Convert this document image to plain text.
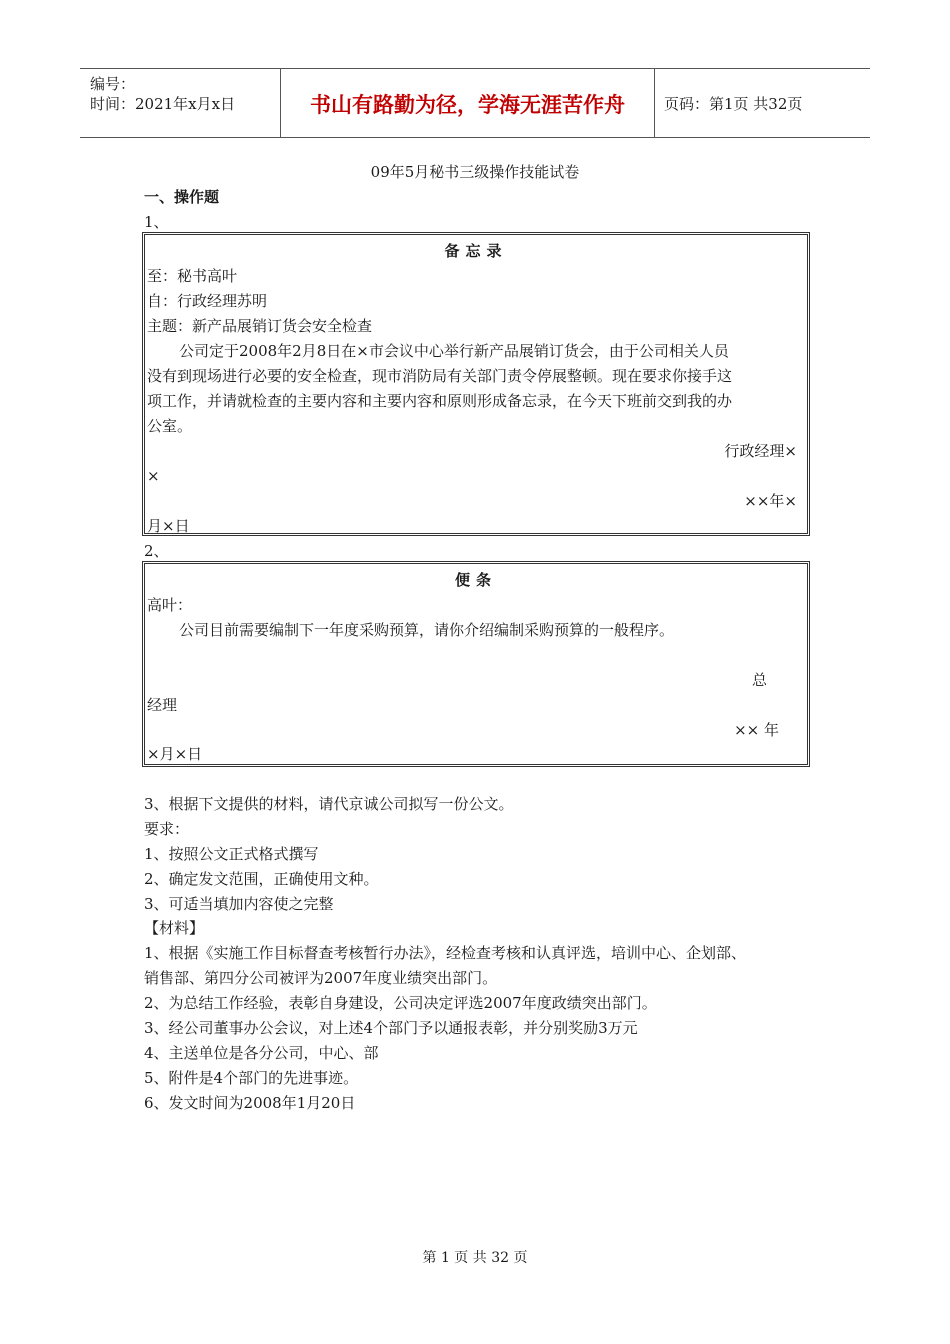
编号：
时间：2021年x月x日	书山有路勤为径，学海无涯苦作舟	页码：第1页 共32页
09年5月秘书三级操作技能试卷
一、操作题
1、
备忘录
至：秘书高叶
自：行政经理苏明
主题：新产品展销订货会安全检查
公司定于2008年2月8日在×市会议中心举行新产品展销订货会，由于公司相关人员
没有到现场进行必要的安全检查，现市消防局有关部门责令停展整顿。现在要求你接手这
项工作，并请就检查的主要内容和主要内容和原则形成备忘录，在今天下班前交到我的办
公室。
行政经理×
×
××年×
月×日
2、
便条
高叶：
公司目前需要编制下一年度采购预算，请你介绍编制采购预算的一般程序。
总
经理
×× 年
×月×日
3、根据下文提供的材料，请代京诚公司拟写一份公文。
要求：
1、按照公文正式格式撰写
2、确定发文范围，正确使用文种。
3、可适当填加内容使之完整
【材料】
1、根据《实施工作目标督查考核暂行办法》，经检查考核和认真评选，培训中心、企划部、
销售部、第四分公司被评为2007年度业绩突出部门。
2、为总结工作经验，表彰自身建设，公司决定评选2007年度政绩突出部门。
3、经公司董事办公会议，对上述4个部门予以通报表彰，并分别奖励3万元
4、主送单位是各分公司，中心、部
5、附件是4个部门的先进事迹。
6、发文时间为2008年1月20日
第 1 页 共 32 页
